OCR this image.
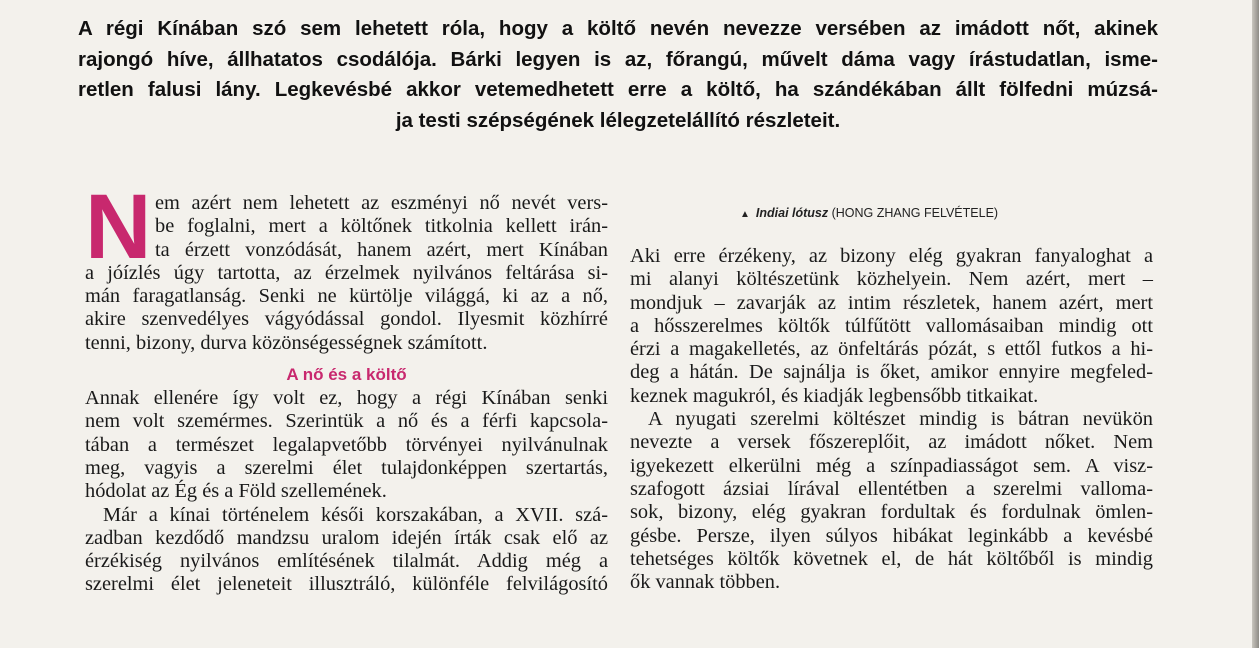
A régi Kínában szó sem lehetett róla, hogy a költő nevén nevezze versében az imádott nőt, akinek
rajongó híve, állhatatos csodálója. Bárki legyen is az, főrangú, művelt dáma vagy írástudatlan, isme-
retlen falusi lány. Legkevésbé akkor vetemedhetett erre a költő, ha szándékában állt fölfedni múzsá-
ja testi szépségének lélegzetelállító részleteit.
N em azért nem lehetett az eszményi nő nevét vers-
be foglalni, mert a költőnek titkolnia kellett irán-
ta érzett vonzódását, hanem azért, mert Kínában
a jóízlés úgy tartotta, az érzelmek nyilvános feltárása si-
mán faragatlanság. Senki ne kürtölje világgá, ki az a nő,
akire szenvedélyes vágyódással gondol. Ilyesmit közhírré
tenni, bizony, durva közönségességnek számított.
A nő és a költő
Annak ellenére így volt ez, hogy a régi Kínában senki
nem volt szemérmes. Szerintük a nő és a férfi kapcsola-
tában a természet legalapvetőbb törvényei nyilvánulnak
meg, vagyis a szerelmi élet tulajdonképpen szertartás,
hódolat az Ég és a Föld szellemének.
Már a kínai történelem késői korszakában, a XVII. szá-
zadban kezdődő mandzsu uralom idején írták csak elő az
érzékiség nyilvános említésének tilalmát. Addig még a
szerelmi élet jeleneteit illusztráló, különféle felvilágosító
▲ Indiai lótusz (HONG ZHANG FELVÉTELE)
Aki erre érzékeny, az bizony elég gyakran fanyaloghat a
mi alanyi költészetünk közhelyein. Nem azért, mert –
mondjuk – zavarják az intim részletek, hanem azért, mert
a hősszerelmes költők túlfűtött vallomásaiban mindig ott
érzi a magakelletés, az önfeltárás pózát, s ettől futkos a hi-
deg a hátán. De sajnálja is őket, amikor ennyire megfeled-
keznek magukról, és kiadják legbensőbb titkaikat.
A nyugati szerelmi költészet mindig is bátran nevükön
nevezte a versek főszereplőit, az imádott nőket. Nem
igyekezett elkerülni még a színpadiasságot sem. A visz-
szafogott ázsiai lírával ellentétben a szerelmi valloma-
sok, bizony, elég gyakran fordultak és fordulnak ömlen-
gésbe. Persze, ilyen súlyos hibákat leginkább a kevésbé
tehetséges költők követnek el, de hát költőből is mindig
ők vannak többen.
